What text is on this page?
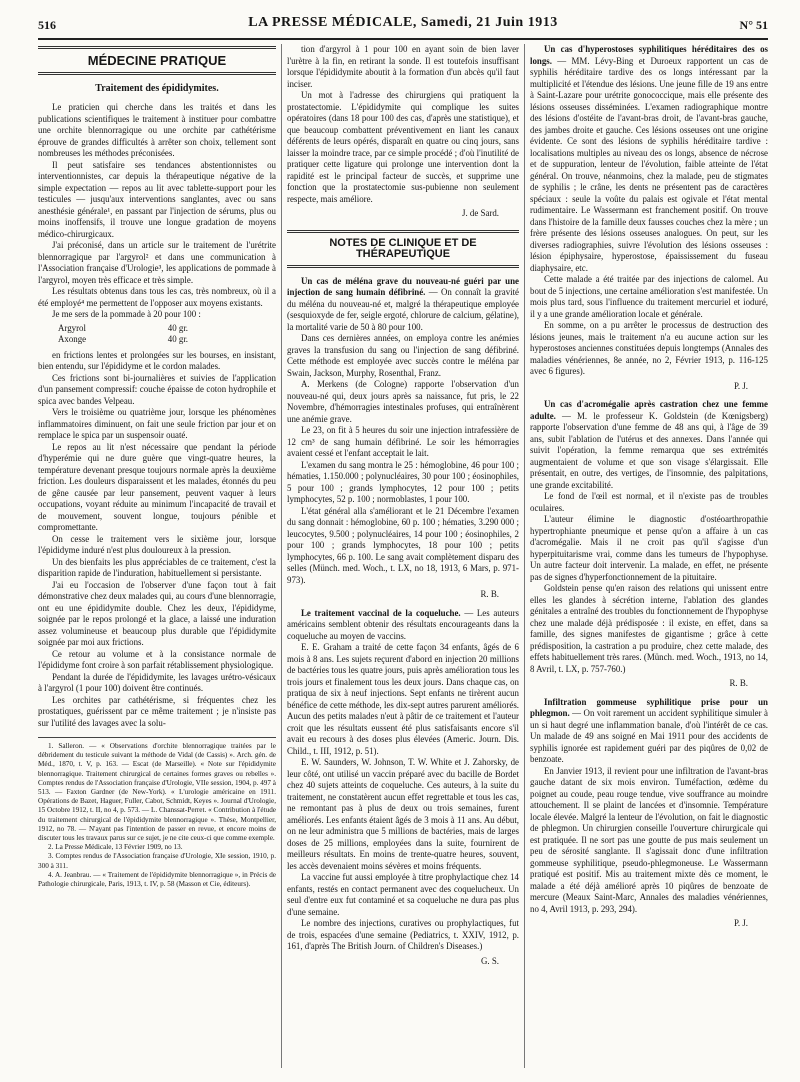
516	LA PRESSE MÉDICALE, Samedi, 21 Juin 1913	N° 51
MÉDECINE PRATIQUE
Traitement des épididymites.

Le praticien qui cherche dans les traités et dans les publications scientifiques le traitement à instituer pour combattre une orchite blennorragique ou une orchite par cathétérisme éprouve de grandes difficultés à arrêter son choix, tellement sont nombreuses les méthodes préconisées.

Il peut satisfaire ses tendances abstentionnistes ou interventionnistes, car depuis la thérapeutique négative de la simple expectation — repos au lit avec tablette-support pour les testicules — jusqu'aux interventions sanglantes, avec ou sans anesthésie générale¹, en passant par l'injection de sérums, plus ou moins inoffensifs, il trouve une longue gradation de moyens médico-chirurgicaux.

J'ai préconisé, dans un article sur le traitement de l'urétrite blennorragique par l'argyrol² et dans une communication à l'Association française d'Urologie³, les applications de pommade à l'argyrol, moyen très efficace et très simple.

Les résultats obtenus dans tous les cas, très nombreux, où il a été employé⁴ me permettent de l'opposer aux moyens existants.

Je me sers de la pommade à 20 pour 100 :

Argyrol	40 gr.
Axonge	40 gr.

en frictions lentes et prolongées sur les bourses, en insistant, bien entendu, sur l'épididyme et le cordon malades.

Ces frictions sont bi-journalières et suivies de l'application d'un pansement compressif: couche épaisse de coton hydrophile et spica avec bandes Velpeau.

Vers le troisième ou quatrième jour, lorsque les phénomènes inflammatoires diminuent, on fait une seule friction par jour et on remplace le spica par un suspensoir ouaté.

Le repos au lit n'est nécessaire que pendant la période d'hyperémie qui ne dure guère que vingt-quatre heures, la température devenant presque toujours normale après la deuxième friction. Les douleurs disparaissent et les malades, étonnés du peu de gêne causée par leur pansement, peuvent vaquer à leurs occupations, voyant réduite au minimum l'incapacité de travail et de mouvement, souvent longue, toujours pénible et compromettante.

On cesse le traitement vers le sixième jour, lorsque l'épididyme induré n'est plus douloureux à la pression.

Un des bienfaits les plus appréciables de ce traitement, c'est la disparition rapide de l'induration, habituellement si persistante.

J'ai eu l'occasion de l'observer d'une façon tout à fait démonstrative chez deux malades qui, au cours d'une blennorragie, ont eu une épididymite double. Chez les deux, l'épididyme, soignée par le repos prolongé et la glace, a laissé une induration assez volumineuse et beaucoup plus durable que l'épididymite soignée par moi aux frictions.

Ce retour au volume et à la consistance normale de l'épididyme font croire à son parfait rétablissement physiologique.

Pendant la durée de l'épididymite, les lavages urétro-vésicaux à l'argyrol (1 pour 100) doivent être continués.

Les orchites par cathétérisme, si fréquentes chez les prostatiques, guérissent par ce même traitement ; je n'insiste pas sur l'utilité des lavages avec la solu-

1. Salleron. — « Observations d'orchite blennorragique traitées par le débridement du testicule suivant la méthode de Vidal (de Cassis) ». Arch. gén. de Méd., 1870, t. V, p. 163. — Escat (de Marseille). « Note sur l'épididymite blennorragique. Traitement chirurgical de certaines formes graves ou rebelles ». Comptes rendus de l'Association française d'Urologie, VIIe session, 1904, p. 497 à 513. — Faxton Gardner (de New-York). « L'urologie américaine en 1911. Opérations de Bazet, Haguer, Fuller, Cabot, Schmidt, Keyes ». Journal d'Urologie, 15 Octobre 1912, t. II, no 4, p. 573. — L. Chanssat-Perret. « Contribution à l'étude du traitement chirurgical de l'épididymite blennorragique ». Thèse, Montpellier, 1912, no 78. — N'ayant pas l'intention de passer en revue, et encore moins de discuter tous les travaux parus sur ce sujet, je ne cite ceux-ci que comme exemple.

2. La Presse Médicale, 13 Février 1909, no 13.

3. Comptes rendus de l'Association française d'Urologie, XIe session, 1910, p. 300 à 311.

4. A. Jeanbrau. — « Traitement de l'épididymite blennorragique », in Précis de Pathologie chirurgicale, Paris, 1913, t. IV, p. 58 (Masson et Cie, éditeurs).

tion d'argyrol à 1 pour 100 en ayant soin de bien laver l'urètre à la fin, en retirant la sonde. Il est toutefois insuffisant lorsque l'épididymite aboutit à la formation d'un abcès qu'il faut inciser.

Un mot à l'adresse des chirurgiens qui pratiquent la prostatectomie. L'épididymite qui complique les suites opératoires (dans 18 pour 100 des cas, d'après une statistique), et que beaucoup combattent préventivement en liant les canaux déférents de leurs opérés, disparaît en quatre ou cinq jours, sans laisser la moindre trace, par ce simple procédé ; d'où l'inutilité de pratiquer cette ligature qui prolonge une intervention dont la rapidité est le principal facteur de succès, et supprime une fonction que la prostatectomie sus-pubienne non seulement respecte, mais améliore.

J. de Sard.
NOTES DE CLINIQUE ET DE THÉRAPEUTIQUE

Un cas de méléna grave du nouveau-né guéri par une injection de sang humain défibriné. — On connaît la gravité du méléna du nouveau-né et, malgré la thérapeutique employée (sesquioxyde de fer, seigle ergoté, chlorure de calcium, gélatine), la mortalité varie de 50 à 80 pour 100.

Dans ces dernières années, on employa contre les anémies graves la transfusion du sang ou l'injection de sang défibriné. Cette méthode est employée avec succès contre le méléna par Swain, Jackson, Murphy, Rosenthal, Franz.

A. Merkens (de Cologne) rapporte l'observation d'un nouveau-né qui, deux jours après sa naissance, fut pris, le 22 Novembre, d'hémorragies intestinales profuses, qui entraînèrent une anémie grave.

Le 23, on fit à 5 heures du soir une injection intrafessière de 12 cm³ de sang humain défibriné. Le soir les hémorragies avaient cessé et l'enfant acceptait le lait.

L'examen du sang montra le 25 : hémoglobine, 46 pour 100 ; hématies, 1.150.000 ; polynucléaires, 30 pour 100 ; éosinophiles, 5 pour 100 ; grands lymphocytes, 12 pour 100 ; petits lymphocytes, 52 p. 100 ; normoblastes, 1 pour 100.

L'état général alla s'améliorant et le 21 Décembre l'examen du sang donnait : hémoglobine, 60 p. 100 ; hématies, 3.290 000 ; leucocytes, 9.500 ; polynucléaires, 14 pour 100 ; éosinophiles, 2 pour 100 ; grands lymphocytes, 18 pour 100 ; petits lymphocytes, 66 p. 100. Le sang avait complètement disparu des selles (Münch. med. Woch., t. LX, no 18, 1913, 6 Mars, p. 971-973).

R. B.

Le traitement vaccinal de la coqueluche. — Les auteurs américains semblent obtenir des résultats encourageants dans la coqueluche au moyen de vaccins.

E. E. Graham a traité de cette façon 34 enfants, âgés de 6 mois à 8 ans. Les sujets reçurent d'abord en injection 20 millions de bactéries tous les quatre jours, puis après amélioration tous les trois jours et finalement tous les deux jours. Dans chaque cas, on pratiqua de six à neuf injections. Sept enfants ne tirèrent aucun bénéfice de cette méthode, les dix-sept autres parurent améliorés. Aucun des petits malades n'eut à pâtir de ce traitement et l'auteur croit que les résultats eussent été plus satisfaisants encore s'il avait eu recours à des doses plus élevées (Americ. Journ. Dis. Child., t. III, 1912, p. 51).

E. W. Saunders, W. Johnson, T. W. White et J. Zahorsky, de leur côté, ont utilisé un vaccin préparé avec du bacille de Bordet chez 40 sujets atteints de coqueluche. Ces auteurs, à la suite du traitement, ne constatèrent aucun effet regrettable et tous les cas, ne remontant pas à plus de deux ou trois semaines, furent améliorés. Les enfants étaient âgés de 3 mois à 11 ans. Au début, on ne leur administra que 5 millions de bactéries, mais de larges doses de 25 millions, employées dans la suite, fournirent de meilleurs résultats. En moins de trente-quatre heures, souvent, les accès devenaient moins sévères et moins fréquents.

La vaccine fut aussi employée à titre prophylactique chez 14 enfants, restés en contact permanent avec des coquelucheux. Un seul d'entre eux fut contaminé et sa coqueluche ne dura pas plus d'une semaine.

Le nombre des injections, curatives ou prophylactiques, fut de trois, espacées d'une semaine (Pediatrics, t. XXIV, 1912, p. 161, d'après The British Journ. of Children's Diseases.)

G. S.

Un cas d'hyperostoses syphilitiques héréditaires des os longs. — MM. Lévy-Bing et Duroeux rapportent un cas de syphilis héréditaire tardive des os longs intéressant par la multiplicité et l'étendue des lésions. Une jeune fille de 19 ans entre à Saint-Lazare pour urétrite gonococcique, mais elle présente des lésions osseuses disséminées. L'examen radiographique montre des lésions d'ostéite de l'avant-bras droit, de l'avant-bras gauche, des jambes droite et gauche. Ces lésions osseuses ont une origine évidente. Ce sont des lésions de syphilis héréditaire tardive : localisations multiples au niveau des os longs, absence de nécrose et de suppuration, lenteur de l'évolution, faible atteinte de l'état général. On trouve, néanmoins, chez la malade, peu de stigmates de syphilis ; le crâne, les dents ne présentent pas de caractères spéciaux : seule la voûte du palais est ogivale et l'état mental rudimentaire. Le Wassermann est franchement positif. On trouve dans l'histoire de la famille deux fausses couches chez la mère ; un frère présente des lésions osseuses analogues. On peut, sur les diverses radiographies, suivre l'évolution des lésions osseuses : lésion épiphysaire, hyperostose, épaississement du fuseau diaphysaire, etc.

Cette malade a été traitée par des injections de calomel. Au bout de 5 injections, une certaine amélioration s'est manifestée. Un mois plus tard, sous l'influence du traitement mercuriel et ioduré, il y a une grande amélioration locale et générale.

En somme, on a pu arrêter le processus de destruction des lésions jeunes, mais le traitement n'a eu aucune action sur les hyperostoses anciennes constituées depuis longtemps (Annales des maladies vénériennes, 8e année, no 2, Février 1913, p. 116-125 avec 6 figures).

P. J.

Un cas d'acromégalie après castration chez une femme adulte. — M. le professeur K. Goldstein (de Kœnigsberg) rapporte l'observation d'une femme de 48 ans qui, à l'âge de 39 ans, subit l'ablation de l'utérus et des annexes. Dans l'année qui suivit l'opération, la femme remarqua que ses extrémités augmentaient de volume et que son visage s'élargissait. Elle présentait, en outre, des vertiges, de l'insomnie, des palpitations, une grande excitabilité.

Le fond de l'œil est normal, et il n'existe pas de troubles oculaires.

L'auteur élimine le diagnostic d'ostéoarthropathie hypertrophiante pneumique et pense qu'on a affaire à un cas d'acromégalie. Mais il ne croit pas qu'il s'agisse d'un hyperpituitarisme vrai, comme dans les tumeurs de l'hypophyse. Un autre facteur doit intervenir. La malade, en effet, ne présente pas de signes d'hyperfonctionnement de la pituitaire.

Goldstein pense qu'en raison des relations qui unissent entre elles les glandes à sécrétion interne, l'ablation des glandes génitales a entraîné des troubles du fonctionnement de l'hypophyse chez une malade déjà prédisposée : il existe, en effet, dans sa famille, des signes manifestes de gigantisme ; grâce à cette prédisposition, la castration a pu produire, chez cette malade, des effets habituellement très rares. (Münch. med. Woch., 1913, no 14, 8 Avril, t. LX, p. 757-760.)

R. B.

Infiltration gommeuse syphilitique prise pour un phlegmon. — On voit rarement un accident syphilitique simuler à un si haut degré une inflammation banale, d'où l'intérêt de ce cas. Un malade de 49 ans soigné en Mai 1911 pour des accidents de syphilis ignorée est rapidement guéri par des piqûres de 0,02 de benzoate.

En Janvier 1913, il revient pour une infiltration de l'avant-bras gauche datant de six mois environ. Tuméfaction, œdème du poignet au coude, peau rouge tendue, vive souffrance au moindre attouchement. Il se plaint de lancées et d'insomnie. Température locale élevée. Malgré la lenteur de l'évolution, on fait le diagnostic de phlegmon. Un chirurgien conseille l'ouverture chirurgicale qui est pratiquée. Il ne sort pas une goutte de pus mais seulement un peu de sérosité sanglante. Il s'agissait donc d'une infiltration gommeuse syphilitique, pseudo-phlegmoneuse. Le Wassermann pratiqué est positif. Mis au traitement mixte dès ce moment, le malade a été déjà amélioré après 10 piqûres de benzoate de mercure (Meaux Saint-Marc, Annales des maladies vénériennes, no 4, Avril 1913, p. 293, 294).

P. J.
